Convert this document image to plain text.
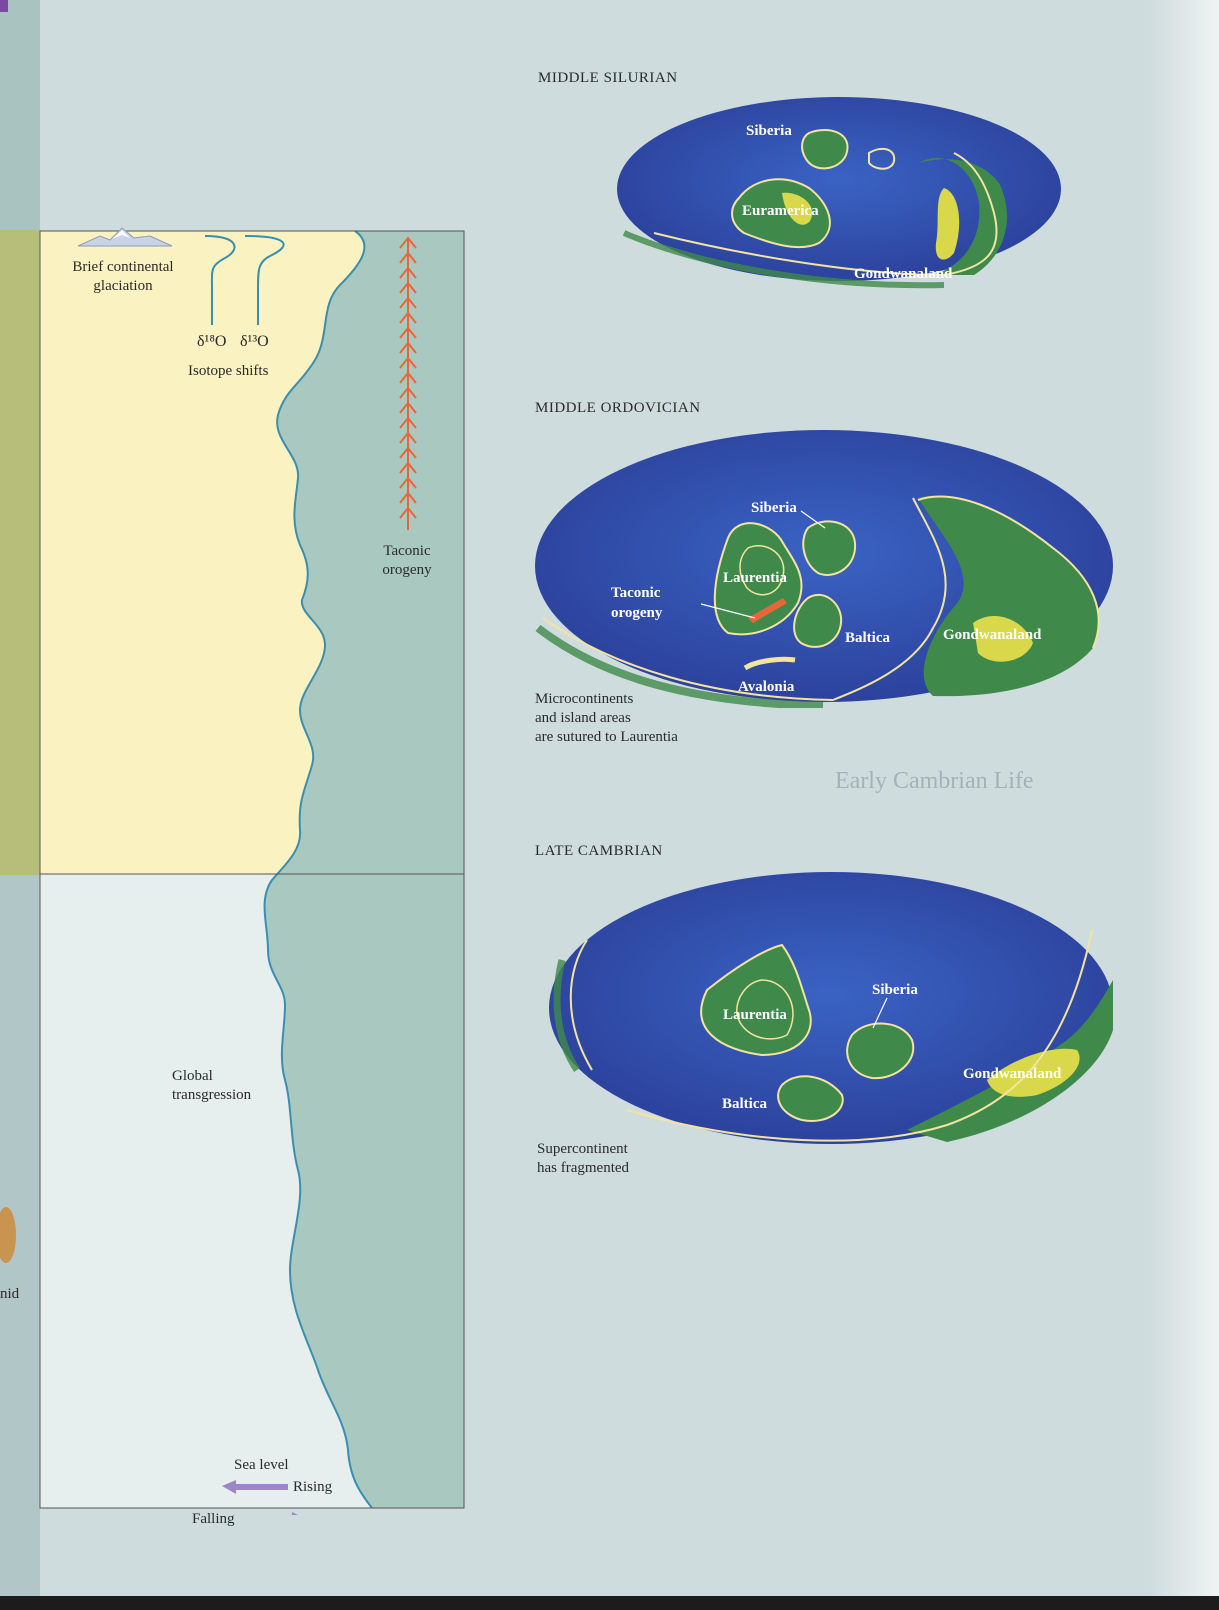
nid
Early Cambrian Life
Brief continental
glaciation
δ¹⁸O δ¹³O
Isotope shifts
Taconic
orogeny
Global
transgression
Sea level
Rising
Falling
MIDDLE SILURIAN
Siberia
Euramerica
Gondwanaland
MIDDLE ORDOVICIAN
Siberia
Laurentia
Taconic
orogeny
Baltica	Gondwanaland
Avalonia
Microcontinents
and island areas
are sutured to Laurentia
LATE CAMBRIAN
Laurentia
Siberia
Gondwanaland
Baltica
Supercontinent
has fragmented
